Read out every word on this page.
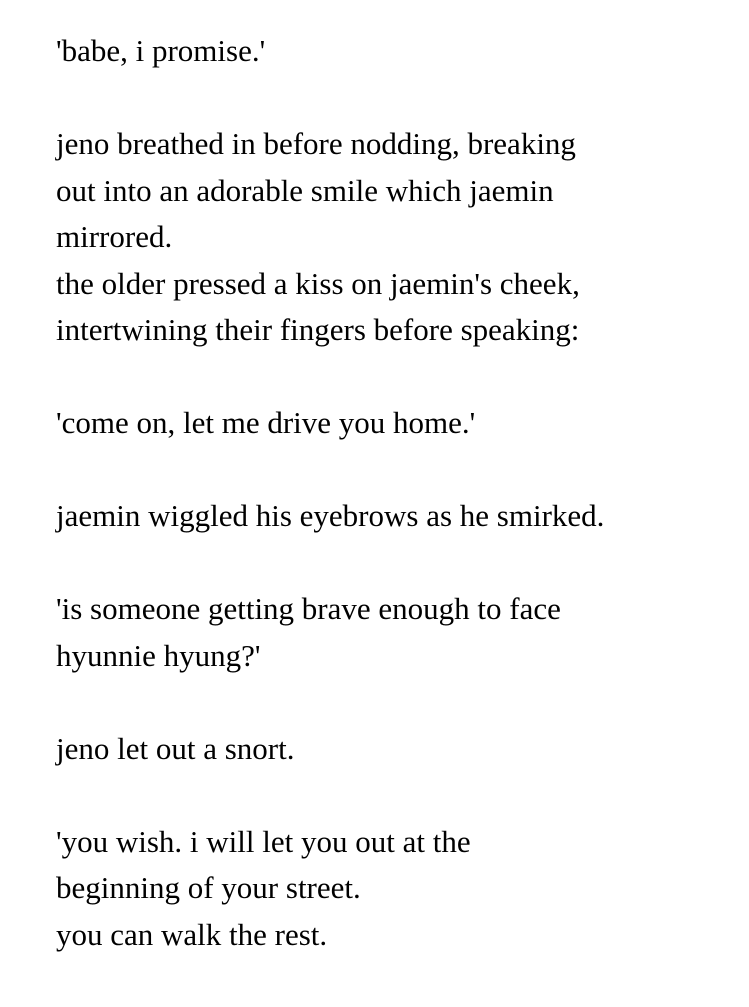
'babe, i promise.'
jeno breathed in before nodding, breaking
out into an adorable smile which jaemin
mirrored.
the older pressed a kiss on jaemin's cheek,
intertwining their fingers before speaking:
'come on, let me drive you home.'
jaemin wiggled his eyebrows as he smirked.
'is someone getting brave enough to face
hyunnie hyung?'
jeno let out a snort.
'you wish. i will let you out at the
beginning of your street.
you can walk the rest.
